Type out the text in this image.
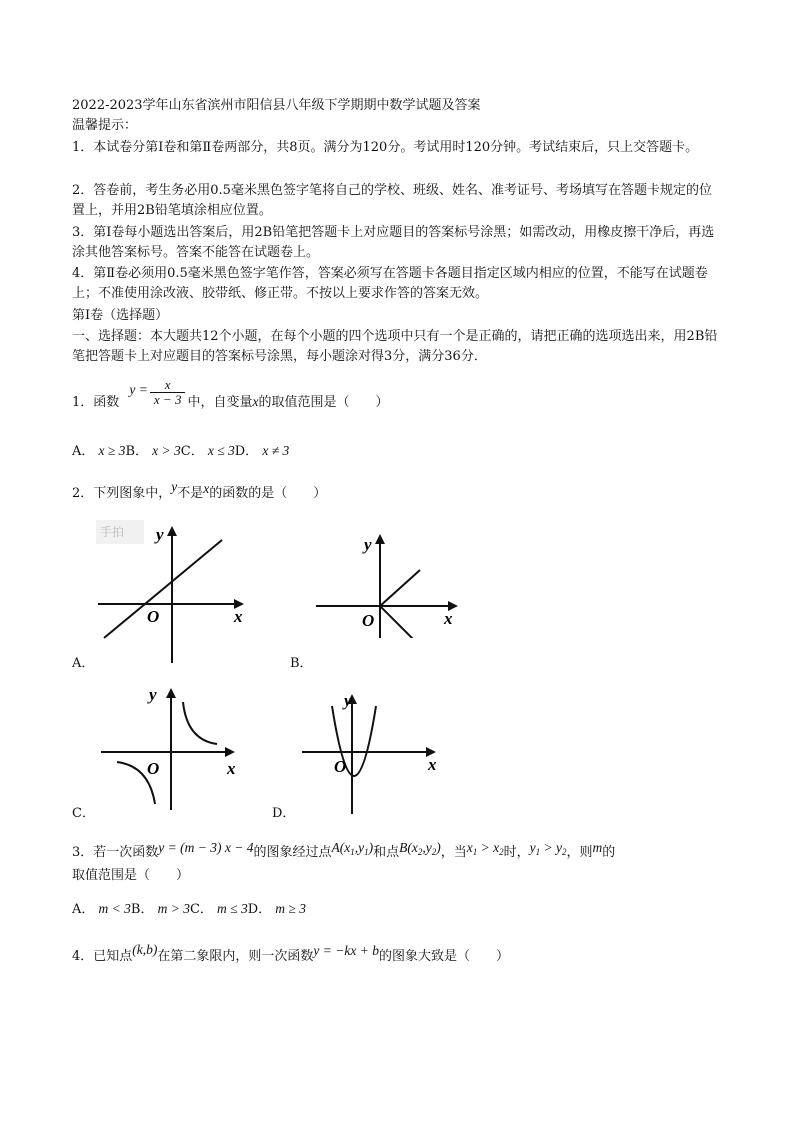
2022-2023学年山东省滨州市阳信县八年级下学期期中数学试题及答案

温馨提示：

1．本试卷分第Ⅰ卷和第Ⅱ卷两部分，共8页。满分为120分。考试用时120分钟。考试结束后，只上交答题卡。

2．答卷前，考生务必用0.5毫米黑色签字笔将自己的学校、班级、姓名、准考证号、考场填写在答题卡规定的位置上，并用2B铅笔填涂相应位置。

3．第Ⅰ卷每小题选出答案后，用2B铅笔把答题卡上对应题目的答案标号涂黑；如需改动，用橡皮擦干净后，再选涂其他答案标号。答案不能答在试题卷上。

4．第Ⅱ卷必须用0.5毫米黑色签字笔作答，答案必须写在答题卡各题目指定区域内相应的位置，不能写在试题卷上；不准使用涂改液、胶带纸、修正带。不按以上要求作答的答案无效。

第Ⅰ卷（选择题）

一、选择题：本大题共12个小题，在每个小题的四个选项中只有一个是正确的，请把正确的选项选出来，用2B铅笔把答题卡上对应题目的答案标号涂黑，每小题涂对得3分，满分36分．

1．函数 $y = \frac{x}{x - 3}$ 中，自变量x的取值范围是（　　）
A． x ≥ 3B． x > 3C． x ≤ 3D． x ≠ 3
2．下列图象中，y不是x的函数的是（　　）
手拍 y
x
O
A．
y
x
O
B．
y
x
O
C．
y
x
O
D．
3．若一次函数y = (m − 3) x − 4的图象经过点$A(x_1,y_1)$和点$B(x_2,y_2)$，当$x_1 > x_2$时，$y_1 > y_2$，则m的

取值范围是（　　）

A． m < 3B． m > 3C． m ≤ 3D． m ≥ 3
4．已知点(k,b)在第二象限内，则一次函数y = −kx + b的图象大致是（　　）
